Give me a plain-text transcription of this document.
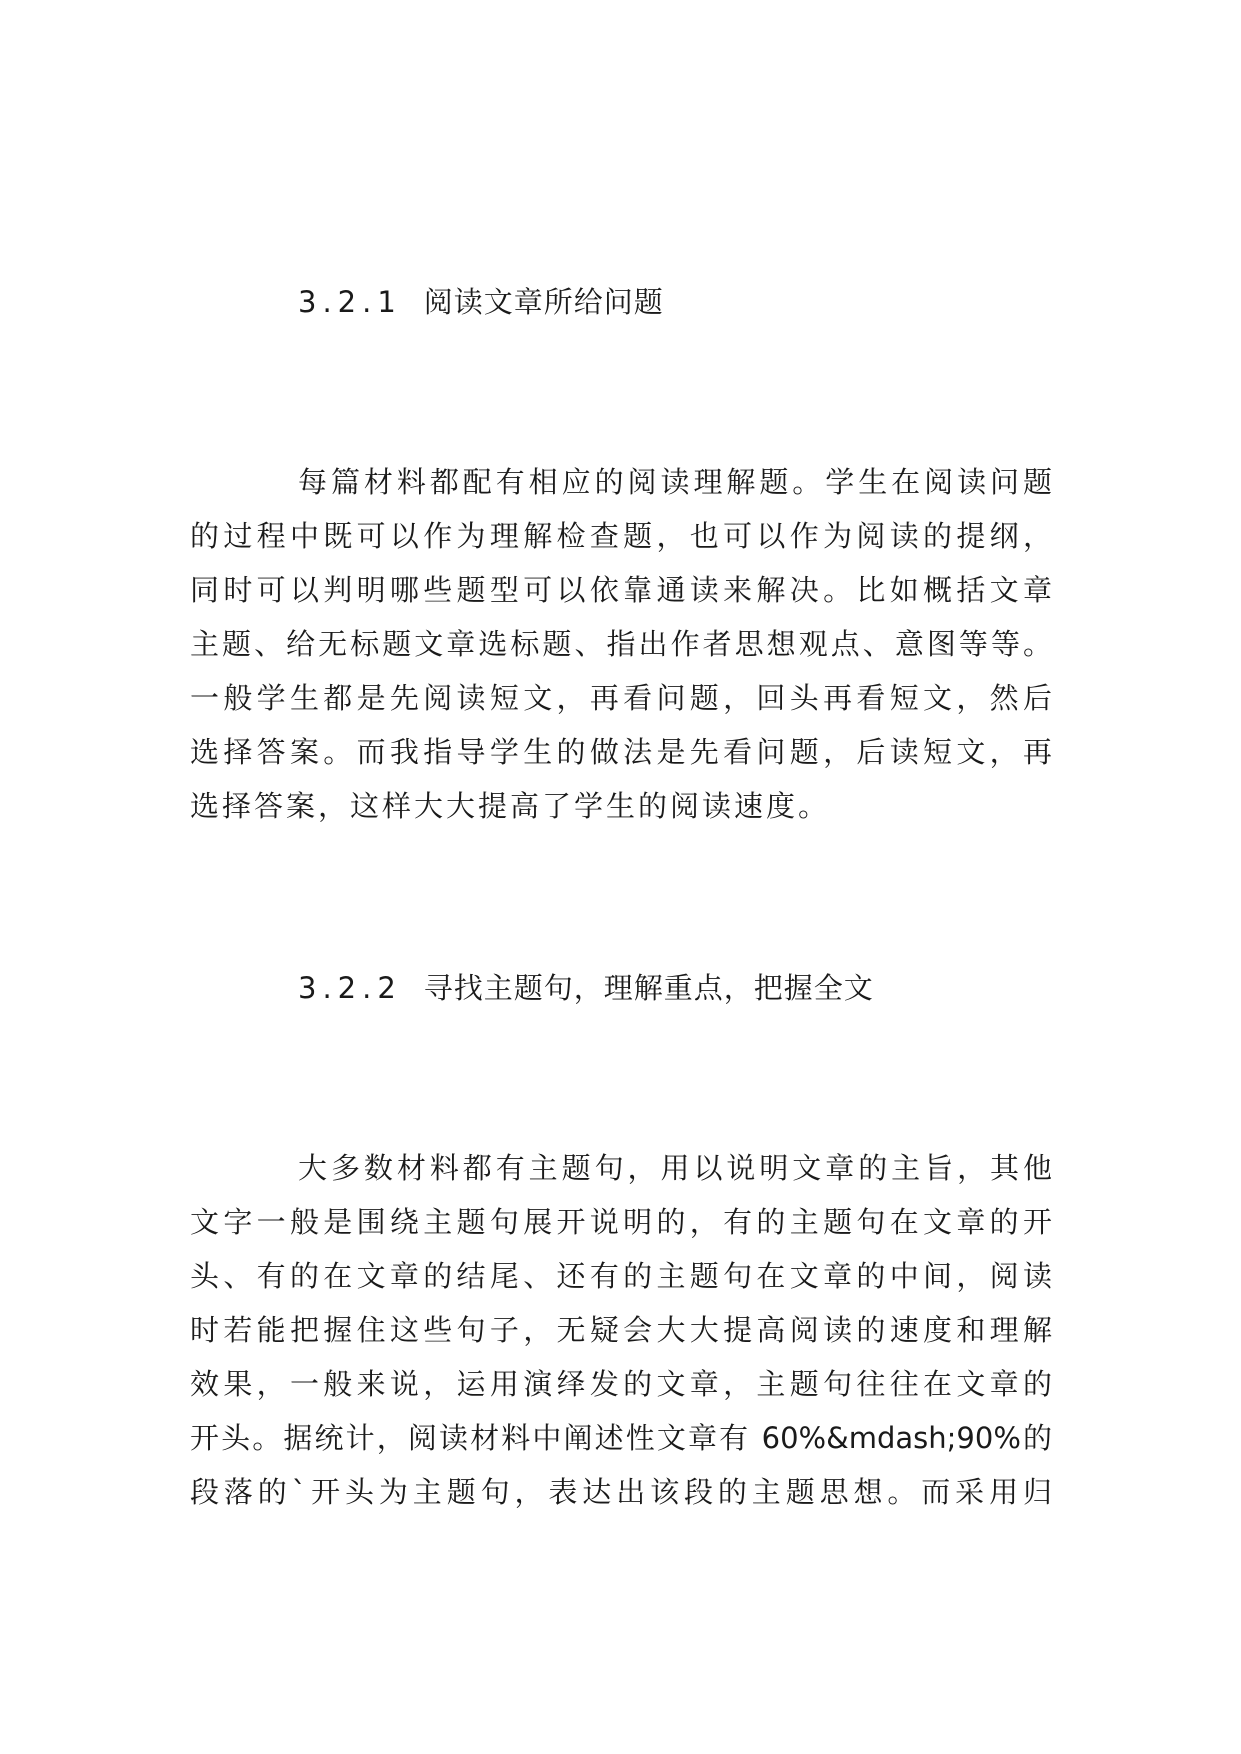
3.2.1 阅读文章所给问题
每篇材料都配有相应的阅读理解题。学生在阅读问题
的过程中既可以作为理解检查题，也可以作为阅读的提纲，
同时可以判明哪些题型可以依靠通读来解决。比如概括文章
主题、给无标题文章选标题、指出作者思想观点、意图等等。
一般学生都是先阅读短文，再看问题，回头再看短文，然后
选择答案。而我指导学生的做法是先看问题，后读短文，再
选择答案，这样大大提高了学生的阅读速度。
3.2.2 寻找主题句，理解重点，把握全文
大多数材料都有主题句，用以说明文章的主旨，其他
文字一般是围绕主题句展开说明的，有的主题句在文章的开
头、有的在文章的结尾、还有的主题句在文章的中间，阅读
时若能把握住这些句子，无疑会大大提高阅读的速度和理解
效果，一般来说，运用演绎发的文章，主题句往往在文章的
开头。据统计，阅读材料中阐述性文章有 60%&mdash;90%的
段落的`开头为主题句，表达出该段的主题思想。而采用归
